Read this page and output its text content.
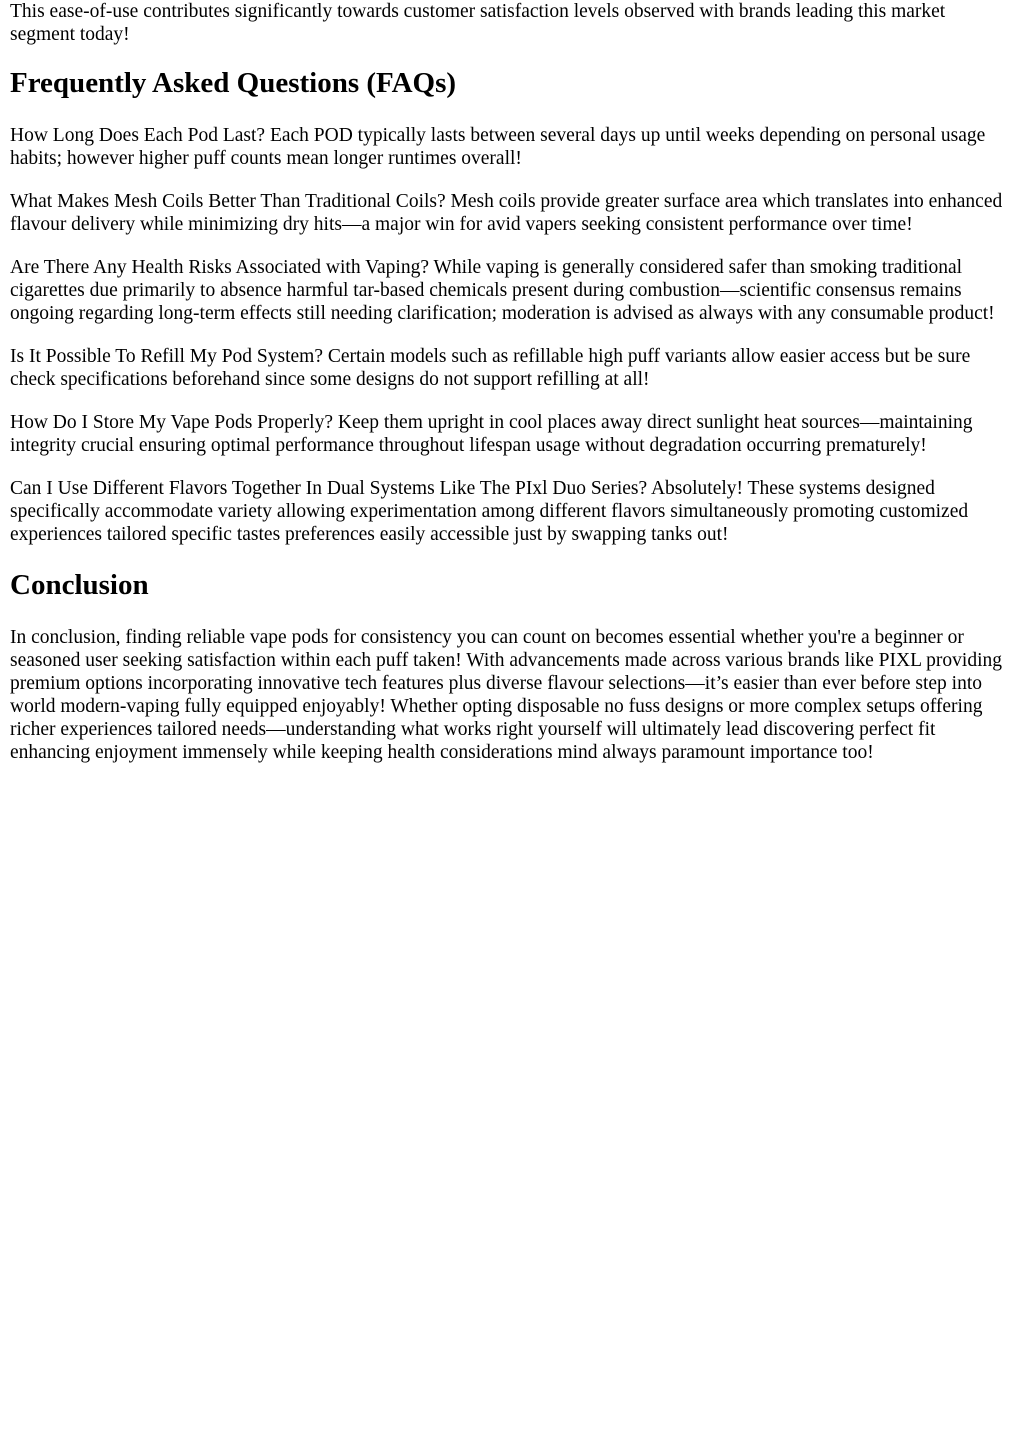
This ease-of-use contributes significantly towards customer satisfaction levels observed with brands leading this market segment today!

Frequently Asked Questions (FAQs)

How Long Does Each Pod Last? Each POD typically lasts between several days up until weeks depending on personal usage habits; however higher puff counts mean longer runtimes overall!

What Makes Mesh Coils Better Than Traditional Coils? Mesh coils provide greater surface area which translates into enhanced flavour delivery while minimizing dry hits—a major win for avid vapers seeking consistent performance over time!

Are There Any Health Risks Associated with Vaping? While vaping is generally considered safer than smoking traditional cigarettes due primarily to absence harmful tar-based chemicals present during combustion—scientific consensus remains ongoing regarding long-term effects still needing clarification; moderation is advised as always with any consumable product!

Is It Possible To Refill My Pod System? Certain models such as refillable high puff variants allow easier access but be sure check specifications beforehand since some designs do not support refilling at all!

How Do I Store My Vape Pods Properly? Keep them upright in cool places away direct sunlight heat sources—maintaining integrity crucial ensuring optimal performance throughout lifespan usage without degradation occurring prematurely!

Can I Use Different Flavors Together In Dual Systems Like The PIxl Duo Series? Absolutely! These systems designed specifically accommodate variety allowing experimentation among different flavors simultaneously promoting customized experiences tailored specific tastes preferences easily accessible just by swapping tanks out!

Conclusion

In conclusion, finding reliable vape pods for consistency you can count on becomes essential whether you're a beginner or seasoned user seeking satisfaction within each puff taken! With advancements made across various brands like PIXL providing premium options incorporating innovative tech features plus diverse flavour selections—it’s easier than ever before step into world modern-vaping fully equipped enjoyably! Whether opting disposable no fuss designs or more complex setups offering richer experiences tailored needs—understanding what works right yourself will ultimately lead discovering perfect fit enhancing enjoyment immensely while keeping health considerations mind always paramount importance too!
